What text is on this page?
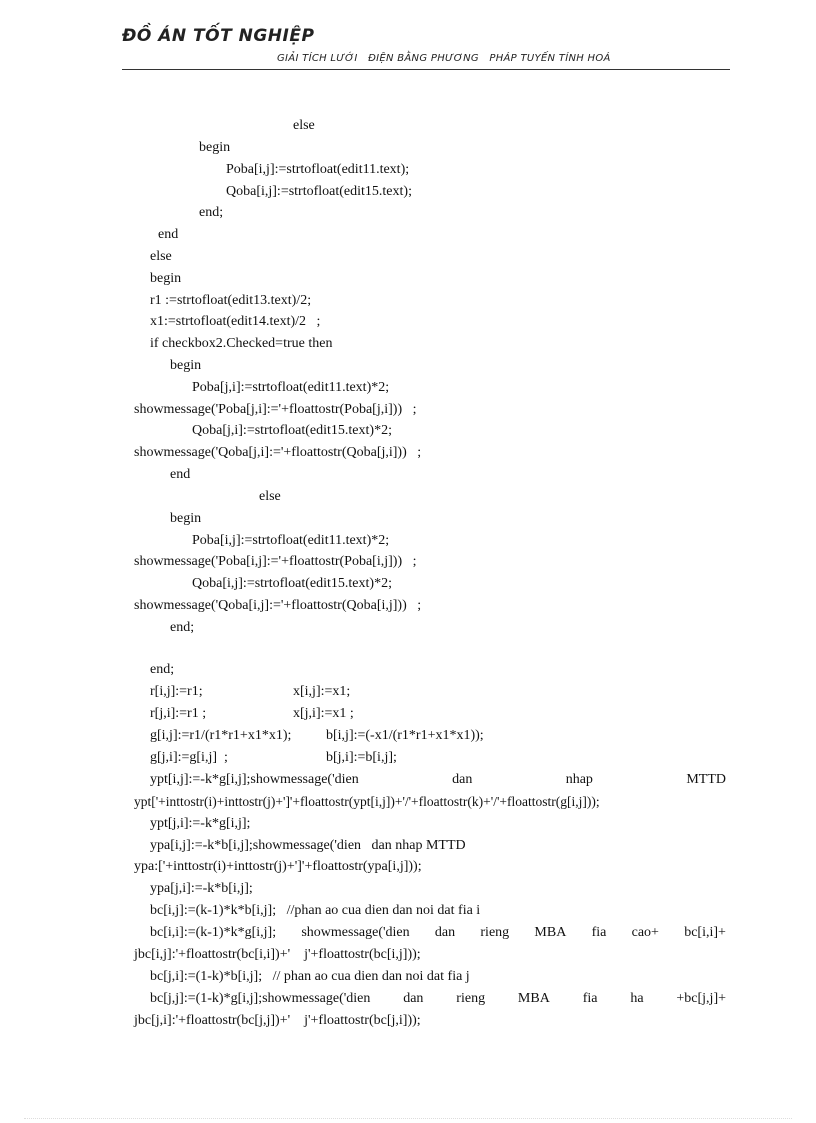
ĐỒ ÁN TỐT NGHIỆP
GIẢI TÍCH LƯỚI   ĐIỆN BẰNG PHƯƠNG   PHÁP TUYẾN TÍNH HOÁ
else
begin
Poba[i,j]:=strtofloat(edit11.text);
Qoba[i,j]:=strtofloat(edit15.text);
end;
end
else
begin
r1 :=strtofloat(edit13.text)/2;
x1:=strtofloat(edit14.text)/2   ;
if checkbox2.Checked=true then
begin
Poba[j,i]:=strtofloat(edit11.text)*2;
showmessage('Poba[j,i]:='+floattostr(Poba[j,i]))   ;
Qoba[j,i]:=strtofloat(edit15.text)*2;
showmessage('Qoba[j,i]:='+floattostr(Qoba[j,i]))   ;
end
else
begin
Poba[i,j]:=strtofloat(edit11.text)*2;
showmessage('Poba[i,j]:='+floattostr(Poba[i,j]))   ;
Qoba[i,j]:=strtofloat(edit15.text)*2;
showmessage('Qoba[i,j]:='+floattostr(Qoba[i,j]))   ;
end;
end;
r[i,j]:=r1;	x[i,j]:=x1;
r[j,i]:=r1 ;	x[j,i]:=x1 ;
g[i,j]:=r1/(r1*r1+x1*x1); b[i,j]:=(-x1/(r1*r1+x1*x1));
g[j,i]:=g[i,j]  ;	b[j,i]:=b[i,j];
ypt[i,j]:=-k*g[i,j];showmessage('dien	dan	nhap	MTTD
ypt['+inttostr(i)+inttostr(j)+']'+floattostr(ypt[i,j])+'/'+floattostr(k)+'/'+floattostr(g[i,j]));
ypt[j,i]:=-k*g[i,j];
ypa[i,j]:=-k*b[i,j];showmessage('dien   dan nhap MTTD
ypa:['+inttostr(i)+inttostr(j)+']'+floattostr(ypa[i,j]));
ypa[j,i]:=-k*b[i,j];
bc[i,j]:=(k-1)*k*b[i,j];   //phan ao cua dien dan noi dat fia i
bc[i,i]:=(k-1)*k*g[i,j]; showmessage('dien dan rieng MBA fia cao+ bc[i,i]+
jbc[i,j]:'+floattostr(bc[i,i])+'    j'+floattostr(bc[i,j]));
bc[j,i]:=(1-k)*b[i,j];   // phan ao cua dien dan noi dat fia j
bc[j,j]:=(1-k)*g[i,j];showmessage('dien dan rieng MBA fia ha +bc[j,j]+
jbc[j,i]:'+floattostr(bc[j,j])+'    j'+floattostr(bc[j,i]));
